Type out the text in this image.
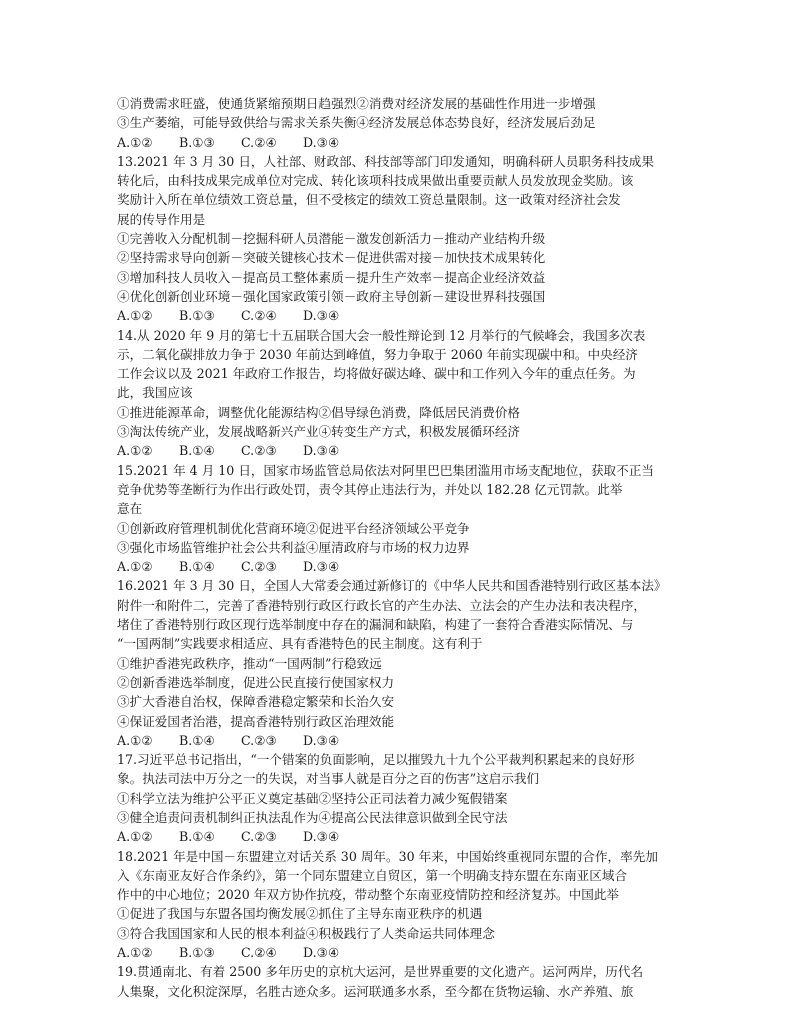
①消费需求旺盛，使通货紧缩预期日趋强烈②消费对经济发展的基础性作用进一步增强
③生产萎缩，可能导致供给与需求关系失衡④经济发展总体态势良好，经济发展后劲足
A.①② B.①③ C.②④ D.③④
13.2021 年 3 月 30 日，人社部、财政部、科技部等部门印发通知，明确科研人员职务科技成果
转化后，由科技成果完成单位对完成、转化该项科技成果做出重要贡献人员发放现金奖励。该
奖励计入所在单位绩效工资总量，但不受核定的绩效工资总量限制。这一政策对经济社会发
展的传导作用是
①完善收入分配机制－挖掘科研人员潜能－激发创新活力－推动产业结构升级
②坚持需求导向创新－突破关键核心技术－促进供需对接－加快技术成果转化
③增加科技人员收入－提高员工整体素质－提升生产效率－提高企业经济效益
④优化创新创业环境－强化国家政策引领－政府主导创新－建设世界科技强国
A.①② B.①③ C.②④ D.③④
14.从 2020 年 9 月的第七十五届联合国大会一般性辩论到 12 月举行的气候峰会，我国多次表
示，二氧化碳排放力争于 2030 年前达到峰值，努力争取于 2060 年前实现碳中和。中央经济
工作会议以及 2021 年政府工作报告，均将做好碳达峰、碳中和工作列入今年的重点任务。为
此，我国应该
①推进能源革命，调整优化能源结构②倡导绿色消费，降低居民消费价格
③淘汰传统产业，发展战略新兴产业④转变生产方式，积极发展循环经济
A.①② B.①④ C.②③ D.③④
15.2021 年 4 月 10 日，国家市场监管总局依法对阿里巴巴集团滥用市场支配地位，获取不正当
竞争优势等垄断行为作出行政处罚，责令其停止违法行为，并处以 182.28 亿元罚款。此举
意在
①创新政府管理机制优化营商环境②促进平台经济领域公平竞争
③强化市场监管维护社会公共利益④厘清政府与市场的权力边界
A.①② B.①④ C.②③ D.③④
16.2021 年 3 月 30 日，全国人大常委会通过新修订的《中华人民共和国香港特别行政区基本法》
附件一和附件二，完善了香港特别行政区行政长官的产生办法、立法会的产生办法和表决程序，
堵住了香港特别行政区现行选举制度中存在的漏洞和缺陷，构建了一套符合香港实际情况、与
“一国两制”实践要求相适应、具有香港特色的民主制度。这有利于
①维护香港宪政秩序，推动“一国两制”行稳致远
②创新香港选举制度，促进公民直接行使国家权力
③扩大香港自治权，保障香港稳定繁荣和长治久安
④保证爱国者治港，提高香港特别行政区治理效能
A.①② B.①④ C.②③ D.③④
17.习近平总书记指出，“一个错案的负面影响，足以摧毁九十九个公平裁判积累起来的良好形
象。执法司法中万分之一的失误，对当事人就是百分之百的伤害”这启示我们
①科学立法为维护公平正义奠定基础②坚持公正司法着力减少冤假错案
③健全追责问责机制纠正执法乱作为④提高公民法律意识做到全民守法
A.①② B.①④ C.②③ D.③④
18.2021 年是中国－东盟建立对话关系 30 周年。30 年来，中国始终重视同东盟的合作，率先加
入《东南亚友好合作条约》，第一个同东盟建立自贸区，第一个明确支持东盟在东南亚区域合
作中的中心地位；2020 年双方协作抗疫，带动整个东南亚疫情防控和经济复苏。中国此举
①促进了我国与东盟各国均衡发展②抓住了主导东南亚秩序的机遇
③符合我国国家和人民的根本利益④积极践行了人类命运共同体理念
A.①② B.①③ C.②④ D.③④
19.贯通南北、有着 2500 多年历史的京杭大运河，是世界重要的文化遗产。运河两岸，历代名
人集聚，文化积淀深厚，名胜古迹众多。运河联通多水系，至今都在货物运输、水产养殖、旅
